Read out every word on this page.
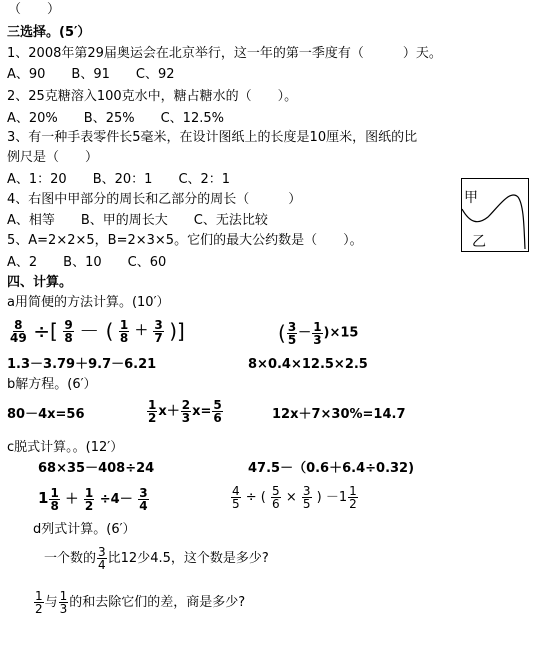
（　　）
三选择。(5′）
1、2008年第29届奥运会在北京举行，这一年的第一季度有（　　　）天。
A、90　　B、91　　C、92
2、25克糖溶入100克水中，糖占糖水的（　　）。
A、20%　　B、25%　　C、12.5%
3、有一种手表零件长5毫米，在设计图纸上的长度是10厘米，图纸的比
例尺是（　　）
A、1：20　　B、20：1　　C、2：1
4、右图中甲部分的周长和乙部分的周长（　　　）
A、相等　　B、甲的周长大　　C、无法比较
5、A=2×2×5，B=2×3×5。它们的最大公约数是（　　）。
A、2　　B、10　　C、60
甲
乙
四、计算。
a用简便的方法计算。(10′）
$\frac{8}{49}$ ÷[ $\frac{9}{8}$ － ( $\frac{1}{8} + \frac{3}{7}$ )]	( $\frac{3}{5} - \frac{1}{3} )\times 15$
1.3－3.79＋9.7－6.21	8×0.4×12.5×2.5
b解方程。(6′）
80－4x=56	$\frac{1}{2} x+ \frac{2}{3} x= \frac{5}{6}$	12x＋7×30%=14.7
c脱式计算。。(12′）
68×35－408÷24	47.5－（0.6＋6.4÷0.32)
$1 \frac{1}{8} + \frac{1}{2} \div 4- \frac{3}{4}$	$\frac{4}{5}$ ÷ ( $\frac{5}{6} \times \frac{3}{5}$ ) $-1 \frac{1}{2}$
d列式计算。(6′）
一个数的 $\frac{3}{4}$ 比12少4.5，这个数是多少?
$\frac{1}{2}$ 与 $\frac{1}{3}$ 的和去除它们的差，商是多少?
